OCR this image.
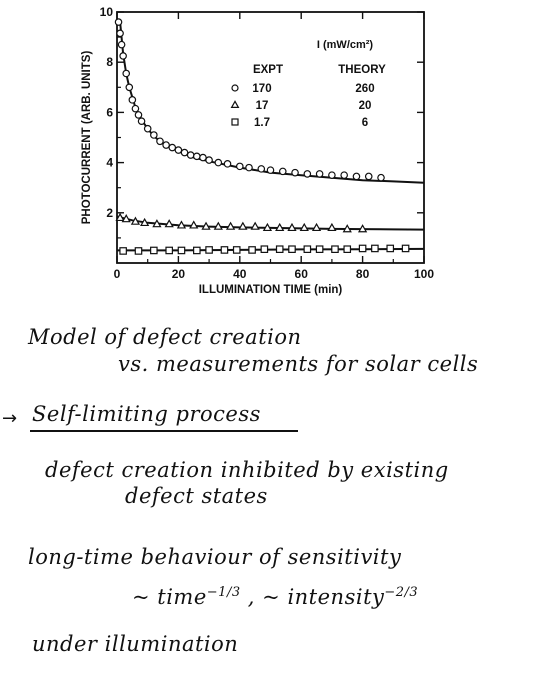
0	20	40	60	80	100
2
4
6
8
10
ILLUMINATION TIME (min)
PHOTOCURRENT (ARB. UNITS)
I (mW/cm²)
EXPT	THEORY
170	260
17	20
1.7	6
Model of defect creation
vs. measurements for solar cells
→ Self-limiting process
defect creation inhibited by existing
defect states
long-time behaviour of sensitivity
~ time$^{-1/3}$ , ~ intensity$^{-2/3}$
under illumination
